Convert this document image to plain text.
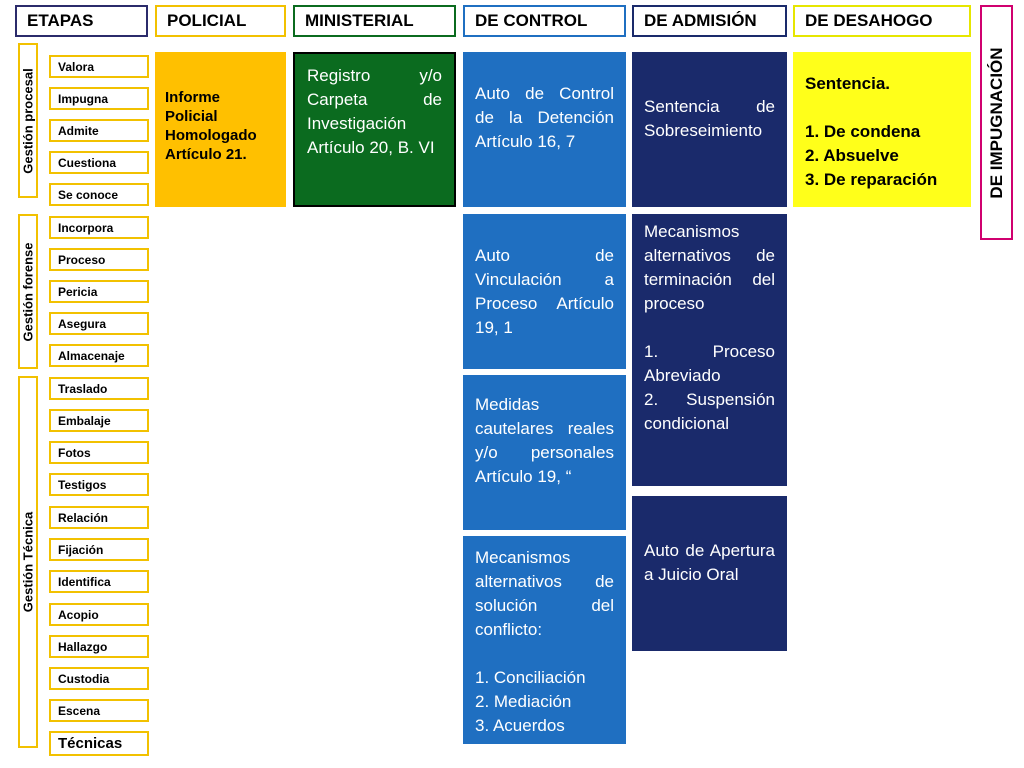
ETAPAS	POLICIAL	MINISTERIAL	DE CONTROL	DE ADMISIÓN	DE DESAHOGO
DE IMPUGNACIÓN
Gestión procesal
Gestión forense
Gestión Técnica
Valora
Impugna
Admite
Cuestiona
Se conoce
Incorpora
Proceso
Pericia
Asegura
Almacenaje
Traslado
Embalaje
Fotos
Testigos
Relación
Fijación
Identifica
Acopio
Hallazgo
Custodia
Escena
Técnicas

Informe

Policial

Homologado

Artículo 21.

Registro y/o Carpeta de Investigación Artículo 20, B. VI

Auto de Control de la Detención Artículo 16, 7

Auto de Vinculación a Proceso Artículo 19, 1

Medidas cautelares reales y/o personales Artículo 19, “

Mecanismos alternativos de solución del conflicto:

1. Conciliación

2. Mediación

3. Acuerdos

Sentencia de Sobreseimiento

Mecanismos alternativos de terminación del proceso

1. Proceso Abreviado

2. Suspensión condicional

Auto de Apertura a Juicio Oral

Sentencia.

1. De condena

2. Absuelve

3. De reparación
